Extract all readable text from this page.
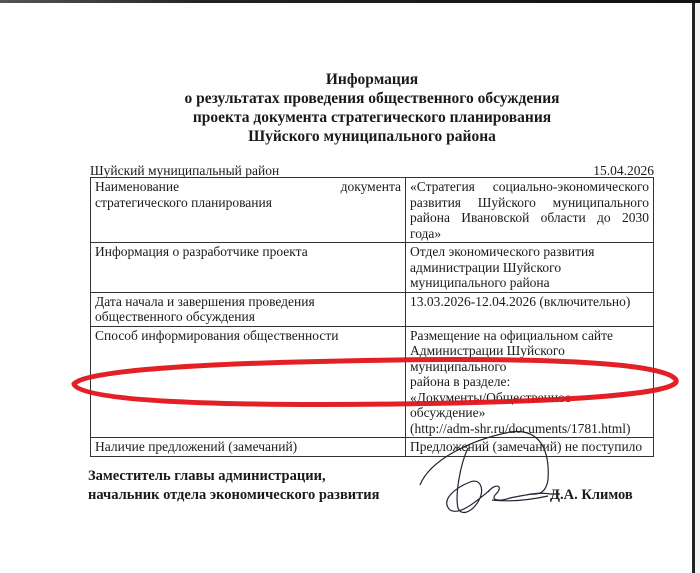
Информация
о результатах проведения общественного обсуждения
проекта документа стратегического планирования
Шуйского муниципального района
Шуйский муниципальный район	15.04.2026
Наименование документа
стратегического планирования	«Стратегия социально-экономического развития Шуйского муниципального района Ивановской области до 2030 года»
Информация о разработчике проекта	Отдел экономического развития администрации Шуйского муниципального района
Дата начала и завершения проведения общественного обсуждения	13.03.2026-12.04.2026 (включительно)
Способ информирования общественности	Размещение на официальном сайте
Администрации Шуйского муниципального
района в разделе:
«Документы/Общественное обсуждение»
(http://adm-shr.ru/documents/1781.html)

Наличие предложений (замечаний)	Предложений (замечаний) не поступило
Заместитель главы администрации,
начальник отдела экономического развития	Д.А. Климов
